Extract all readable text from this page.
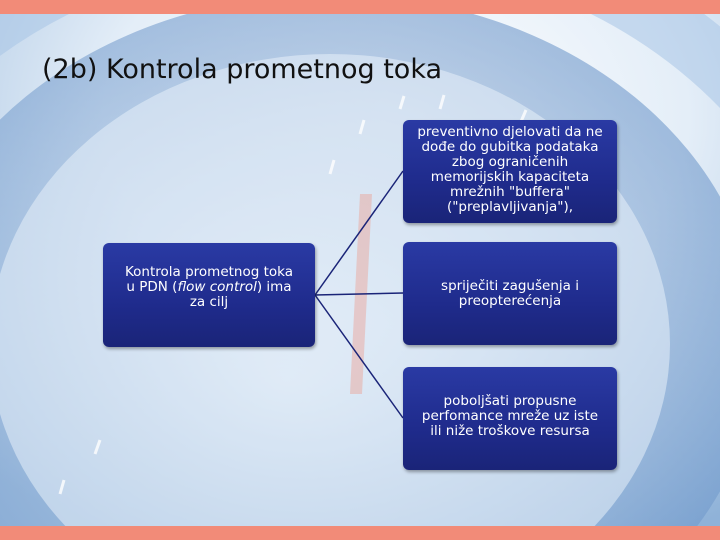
(2b) Kontrola prometnog toka
Kontrola prometnog toka
u PDN (flow control) ima
za cilj
preventivno djelovati da ne
dođe do gubitka podataka
zbog ograničenih
memorijskih kapaciteta
mrežnih "buffera"
("preplavljivanja"),
spriječiti zagušenja i
preopterećenja
poboljšati propusne
perfomance mreže uz iste
ili niže troškove resursa
